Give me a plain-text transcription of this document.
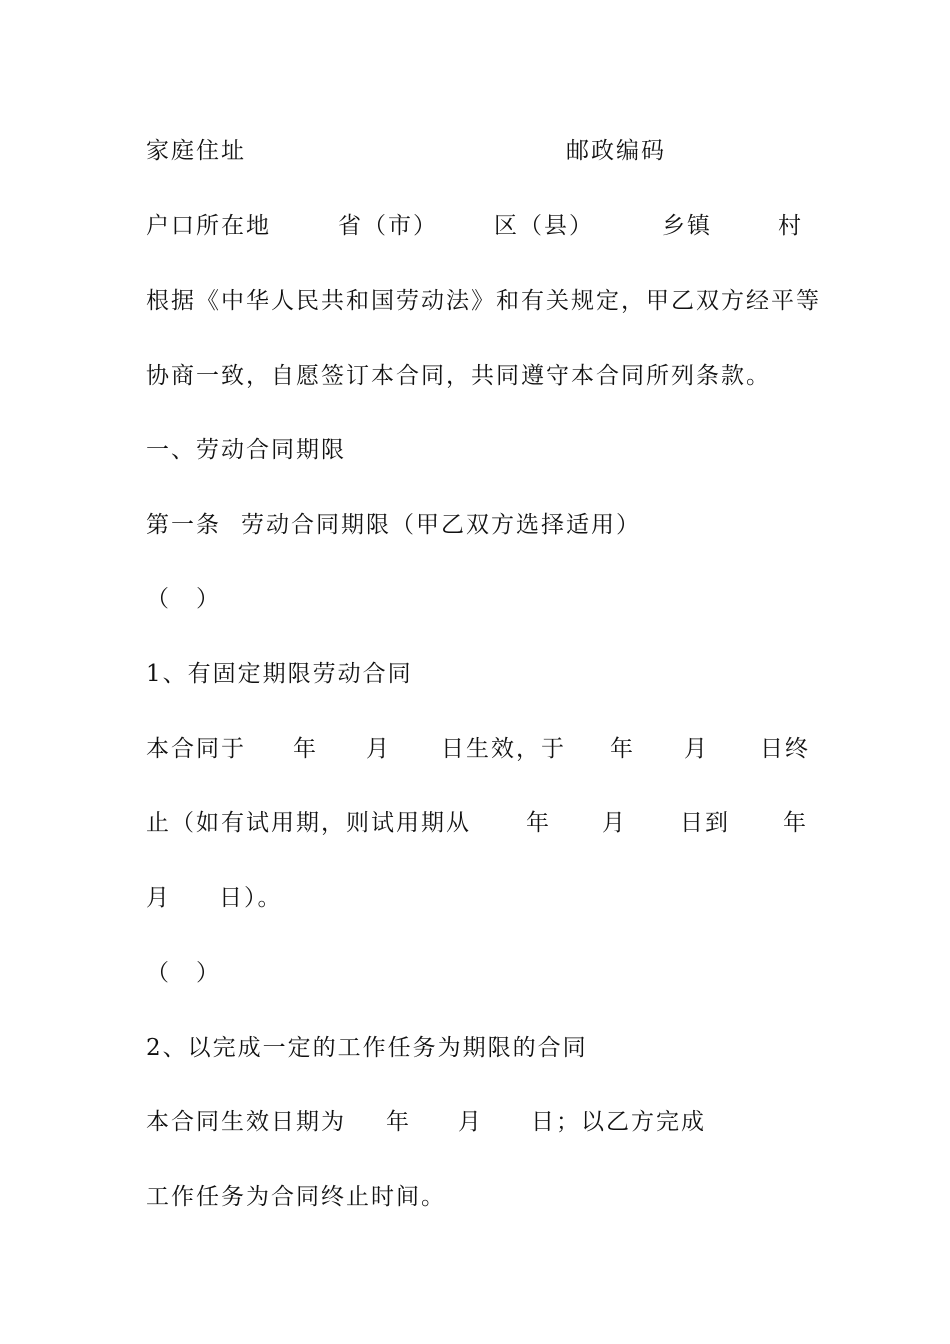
家庭住址	邮政编码
户口所在地	省（市） 区（县）	乡镇	村
根据《中华人民共和国劳动法》和有关规定，甲乙双方经平等
协商一致，自愿签订本合同，共同遵守本合同所列条款。
一、劳动合同期限
第一条 劳动合同期限（甲乙双方选择适用）
（　）
1、有固定期限劳动合同
本合同于 年 月 日生效，于 年 月 日终
止（如有试用期，则试用期从 年 月 日到 年
月 日）。
（　）
2、以完成一定的工作任务为期限的合同
本合同生效日期为 年 月 日；以乙方完成
工作任务为合同终止时间。
